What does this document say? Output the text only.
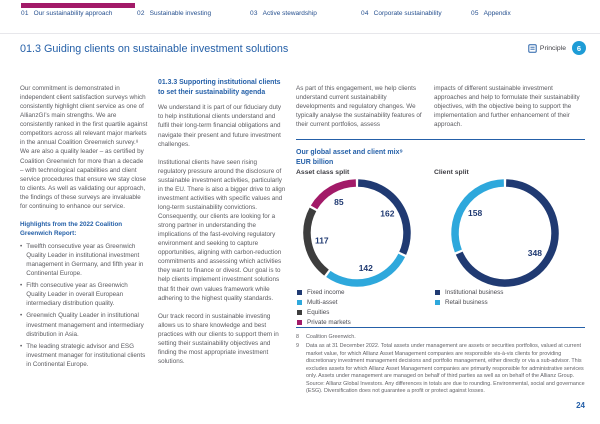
01 Our sustainability approach	02 Sustainable investing	03 Active stewardship	04 Corporate sustainability	05 Appendix
01.3 Guiding clients on sustainable investment solutions	Principle	6
Our commitment is demonstrated in independent client satisfaction surveys which consistently highlight client service as one of AllianzGI’s main strengths. We are consistently ranked in the first quartile against competitors across all relevant major markets in the annual Coalition Greenwich survey.⁸ We are also a quality leader – as certified by Coalition Greenwich for more than a decade – with technological capabilities and client service procedures that ensure we stay close to clients. As well as validating our approach, the findings of these surveys are invaluable for continuing to enhance our service.
Highlights from the 2022 Coalition Greenwich Report:
• Twelfth consecutive year as Greenwich Quality Leader in institutional investment management in Germany, and fifth year in Continental Europe.
• Fifth consecutive year as Greenwich Quality Leader in overall European intermediary distribution quality.
• Greenwich Quality Leader in institutional investment management and intermediary distribution in Asia.
• The leading strategic advisor and ESG investment manager for institutional clients in Continental Europe.
01.3.3 Supporting institutional clients to set their sustainability agenda
We understand it is part of our fiduciary duty to help institutional clients understand and fulfil their long-term financial obligations and navigate their present and future investment challenges.
Institutional clients have seen rising regulatory pressure around the disclosure of sustainable investment activities, particularly in the EU. There is also a bigger drive to align investment activities with specific values and long-term sustainability convictions. Consequently, our clients are looking for a strong partner in understanding the implications of the fast-evolving regulatory environment and seeking to capture opportunities, aligning with carbon-reduction commitments and assessing which activities they want to finance or divest. Our goal is to help clients implement investment solutions that fit their own values framework while adhering to the highest quality standards.
Our track record in sustainable investing allows us to share knowledge and best practices with our clients to support them in setting their sustainability objectives and finding the most appropriate investment solutions.
As part of this engagement, we help clients understand current sustainability developments and regulatory changes. We typically analyse the sustainability features of their current portfolios, assess
impacts of different sustainable investment approaches and help to formulate their sustainability objectives, with the objective being to support the implementation and further enhancement of their approach.
Our global asset and client mix⁹
EUR billion
Asset class split	Client split
162
142
117
85
348
158
Fixed income
Multi-asset
Equities
Private markets
Institutional business
Retail business
8	Coalition Greenwich.
9	Data as at 31 December 2022. Total assets under management are assets or securities portfolios, valued at current market value, for which Allianz Asset Management companies are responsible vis-à-vis clients for providing discretionary investment management decisions and portfolio management, either directly or via a sub-advisor. This excludes assets for which Allianz Asset Management companies are primarily responsible for administrative services only. Assets under management are managed on behalf of third parties as well as on behalf of the Allianz Group. Source: Allianz Global Investors. Any differences in totals are due to rounding. Environmental, social and governance (ESG). Diversification does not guarantee a profit or protect against losses.
24
